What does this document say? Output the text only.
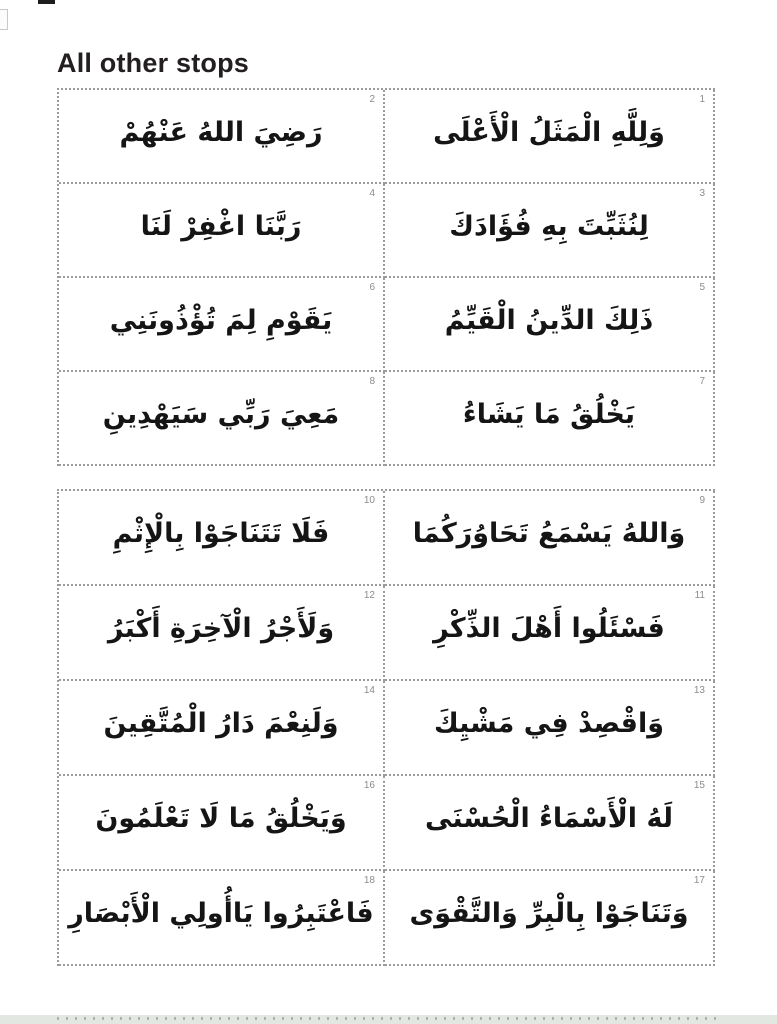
All other stops
2
رَضِيَ اللهُ عَنْهُمْ
1
وَلِلَّهِ الْمَثَلُ الْأَعْلَى
4
رَبَّنَا اغْفِرْ لَنَا
3
لِنُثَبِّتَ بِهِ فُؤَادَكَ
6
يَقَوْمِ لِمَ تُؤْذُونَنِي
5
ذَلِكَ الدِّينُ الْقَيِّمُ
8
مَعِيَ رَبِّي سَيَهْدِينِ
7
يَخْلُقُ مَا يَشَاءُ
10
فَلَا تَتَنَاجَوْا بِالْإِثْمِ
9
وَاللهُ يَسْمَعُ تَحَاوُرَكُمَا
12
وَلَأَجْرُ الْآخِرَةِ أَكْبَرُ
11
فَسْئَلُوا أَهْلَ الذِّكْرِ
14
وَلَنِعْمَ دَارُ الْمُتَّقِينَ
13
وَاقْصِدْ فِي مَشْيِكَ
16
وَيَخْلُقُ مَا لَا تَعْلَمُونَ
15
لَهُ الْأَسْمَاءُ الْحُسْنَى
18
فَاعْتَبِرُوا يَاأُولِي الْأَبْصَارِ
17
وَتَنَاجَوْا بِالْبِرِّ وَالتَّقْوَى
